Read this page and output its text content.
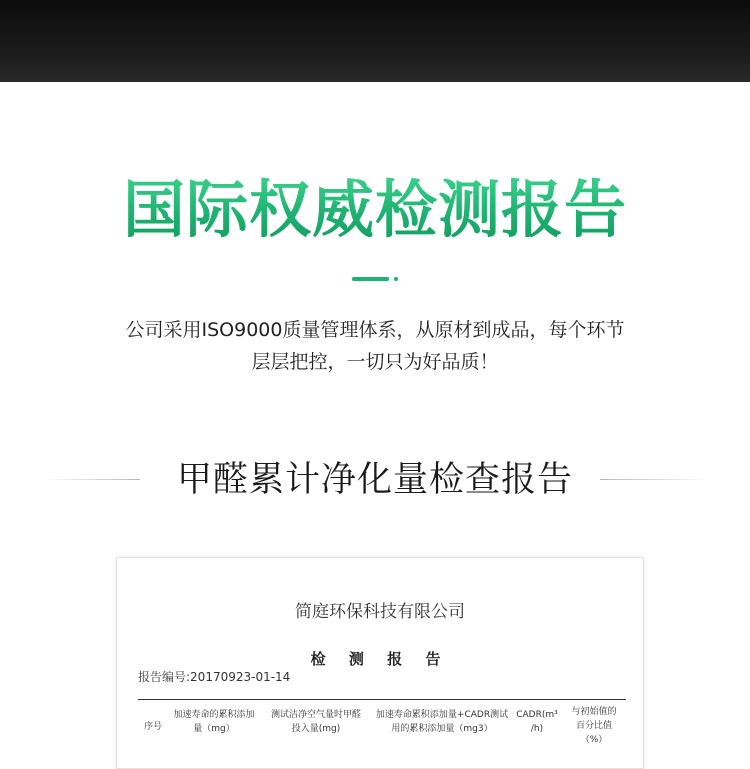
国际权威检测报告
公司采用ISO9000质量管理体系，从原材到成品，每个环节
层层把控，一切只为好品质！
甲醛累计净化量检查报告
简庭环保科技有限公司
检 测 报 告
报告编号:20170923-01-14
序号
加速寿命的累积添加
量（mg）
测试洁净空气量时甲醛
投入量(mg)
加速寿命累积添加量+CADR测试
用的累积添加量（mg3）
CADR(m³
/h)
与初始值的
百分比值
（%）
